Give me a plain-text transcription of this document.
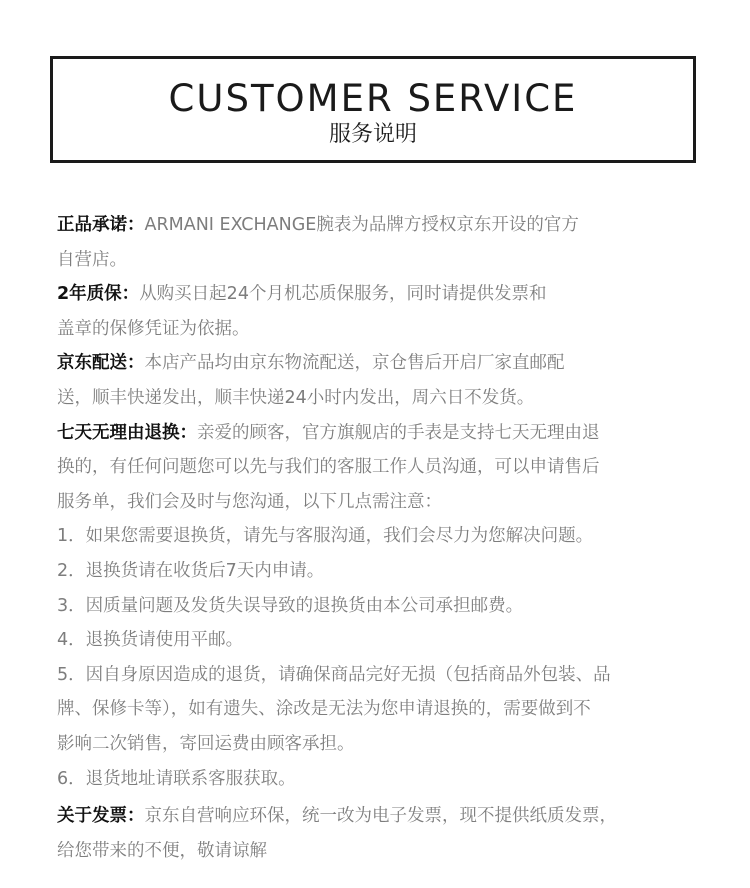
CUSTOMER SERVICE
服务说明
正品承诺：ARMANI EXCHANGE腕表为品牌方授权京东开设的官方
自营店。
2年质保：从购买日起24个月机芯质保服务，同时请提供发票和
盖章的保修凭证为依据。
京东配送：本店产品均由京东物流配送，京仓售后开启厂家直邮配
送，顺丰快递发出，顺丰快递24小时内发出，周六日不发货。
七天无理由退换：亲爱的顾客，官方旗舰店的手表是支持七天无理由退
换的，有任何问题您可以先与我们的客服工作人员沟通，可以申请售后
服务单，我们会及时与您沟通，以下几点需注意：
1．如果您需要退换货，请先与客服沟通，我们会尽力为您解决问题。
2．退换货请在收货后7天内申请。
3．因质量问题及发货失误导致的退换货由本公司承担邮费。
4．退换货请使用平邮。
5．因自身原因造成的退货，请确保商品完好无损（包括商品外包装、品
牌、保修卡等），如有遗失、涂改是无法为您申请退换的，需要做到不
影响二次销售，寄回运费由顾客承担。
6．退货地址请联系客服获取。
关于发票：京东自营响应环保，统一改为电子发票，现不提供纸质发票，
给您带来的不便，敬请谅解
